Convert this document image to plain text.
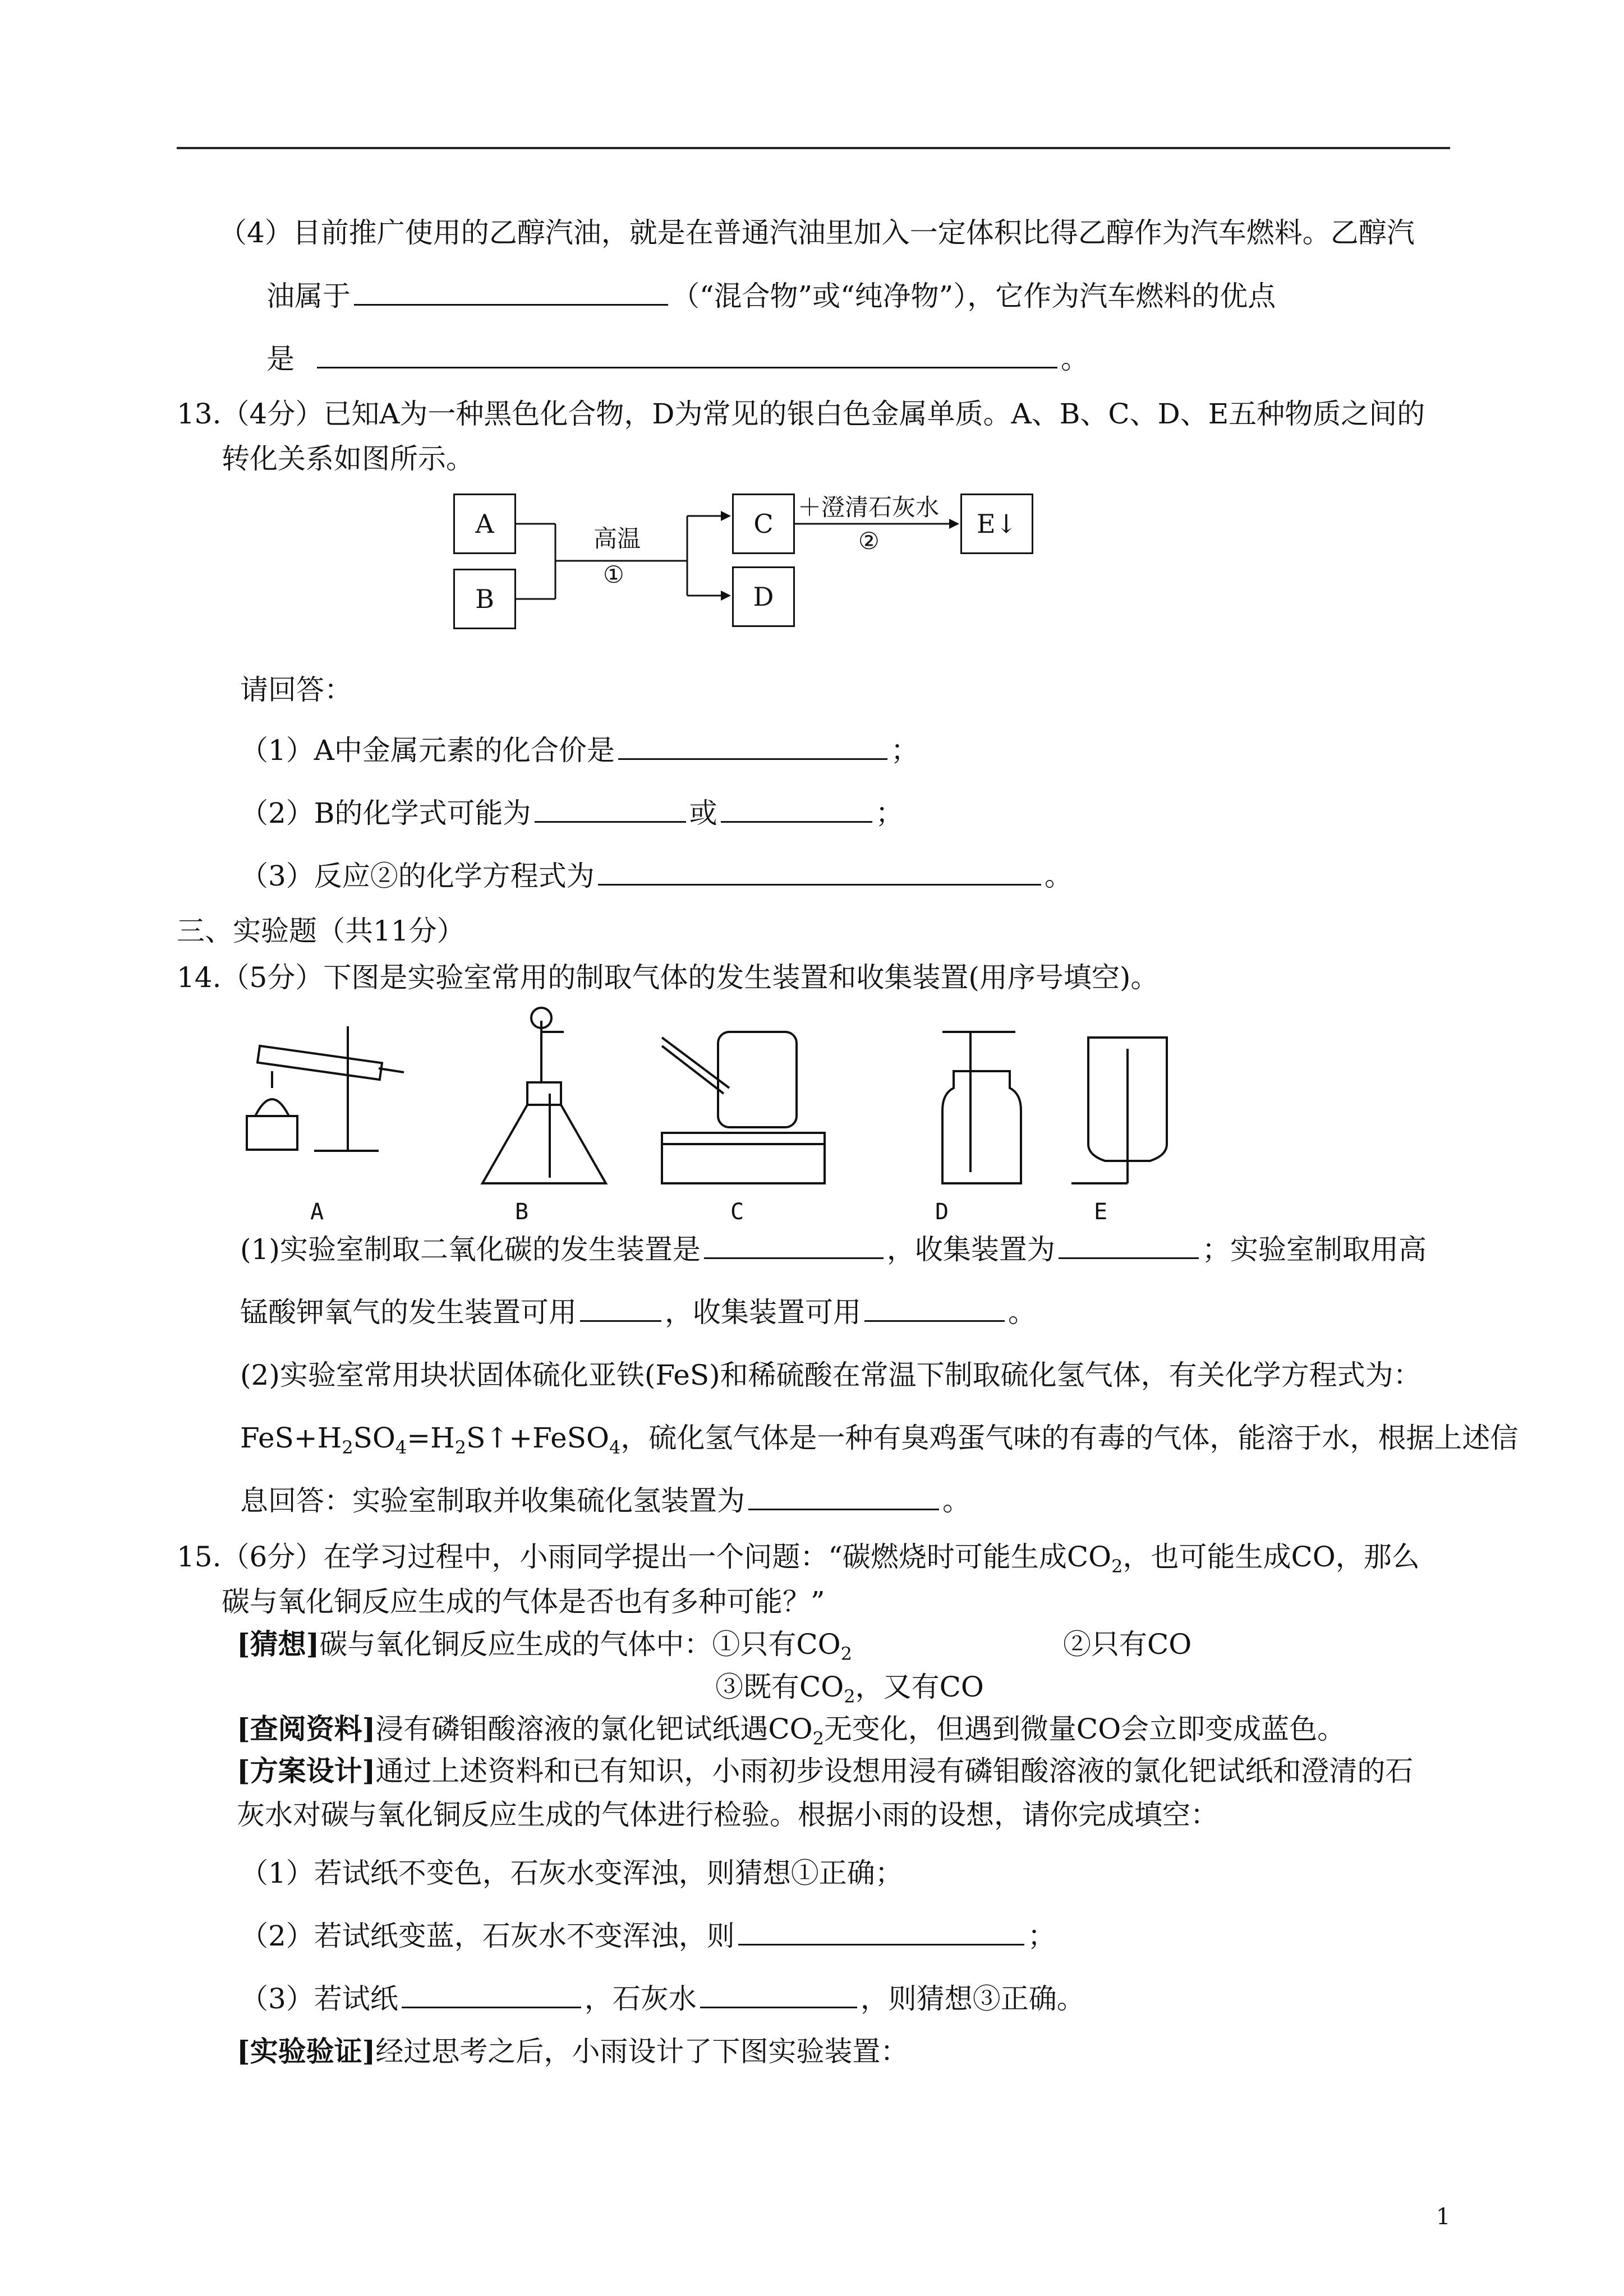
（4）目前推广使用的乙醇汽油，就是在普通汽油里加入一定体积比得乙醇作为汽车燃料。乙醇汽
油属于	（“混合物”或“纯净物”），它作为汽车燃料的优点
是	。
13.（4分）已知A为一种黑色化合物，D为常见的银白色金属单质。A、B、C、D、E五种物质之间的
转化关系如图所示。
A
B
C
D
E↓
高温
①
＋澄清石灰水
②
请回答：
（1）A中金属元素的化合价是	；
（2）B的化学式可能为	或	；
（3）反应②的化学方程式为	。
三、实验题（共11分）
14.（5分）下图是实验室常用的制取气体的发生装置和收集装置(用序号填空)。
A	B	C	D	E
(1)实验室制取二氧化碳的发生装置是	，收集装置为	；实验室制取用高
锰酸钾氧气的发生装置可用	，收集装置可用	。
(2)实验室常用块状固体硫化亚铁(FeS)和稀硫酸在常温下制取硫化氢气体，有关化学方程式为：
$FeS+H_2SO_4=H_2S↑+FeSO_4$，硫化氢气体是一种有臭鸡蛋气味的有毒的气体，能溶于水，根据上述信
息回答：实验室制取并收集硫化氢装置为	。
15.（6分）在学习过程中，小雨同学提出一个问题：“碳燃烧时可能生成$CO_2$，也可能生成CO，那么
碳与氧化铜反应生成的气体是否也有多种可能？”
[猜想]碳与氧化铜反应生成的气体中：①只有$CO_2$	②只有CO
③既有$CO_2$，又有CO
[查阅资料]浸有磷钼酸溶液的氯化钯试纸遇$CO_2$无变化，但遇到微量CO会立即变成蓝色。
[方案设计]通过上述资料和已有知识，小雨初步设想用浸有磷钼酸溶液的氯化钯试纸和澄清的石
灰水对碳与氧化铜反应生成的气体进行检验。根据小雨的设想，请你完成填空：
（1）若试纸不变色，石灰水变浑浊，则猜想①正确；
（2）若试纸变蓝，石灰水不变浑浊，则	；
（3）若试纸	，石灰水	，则猜想③正确。
[实验验证]经过思考之后，小雨设计了下图实验装置：
1
